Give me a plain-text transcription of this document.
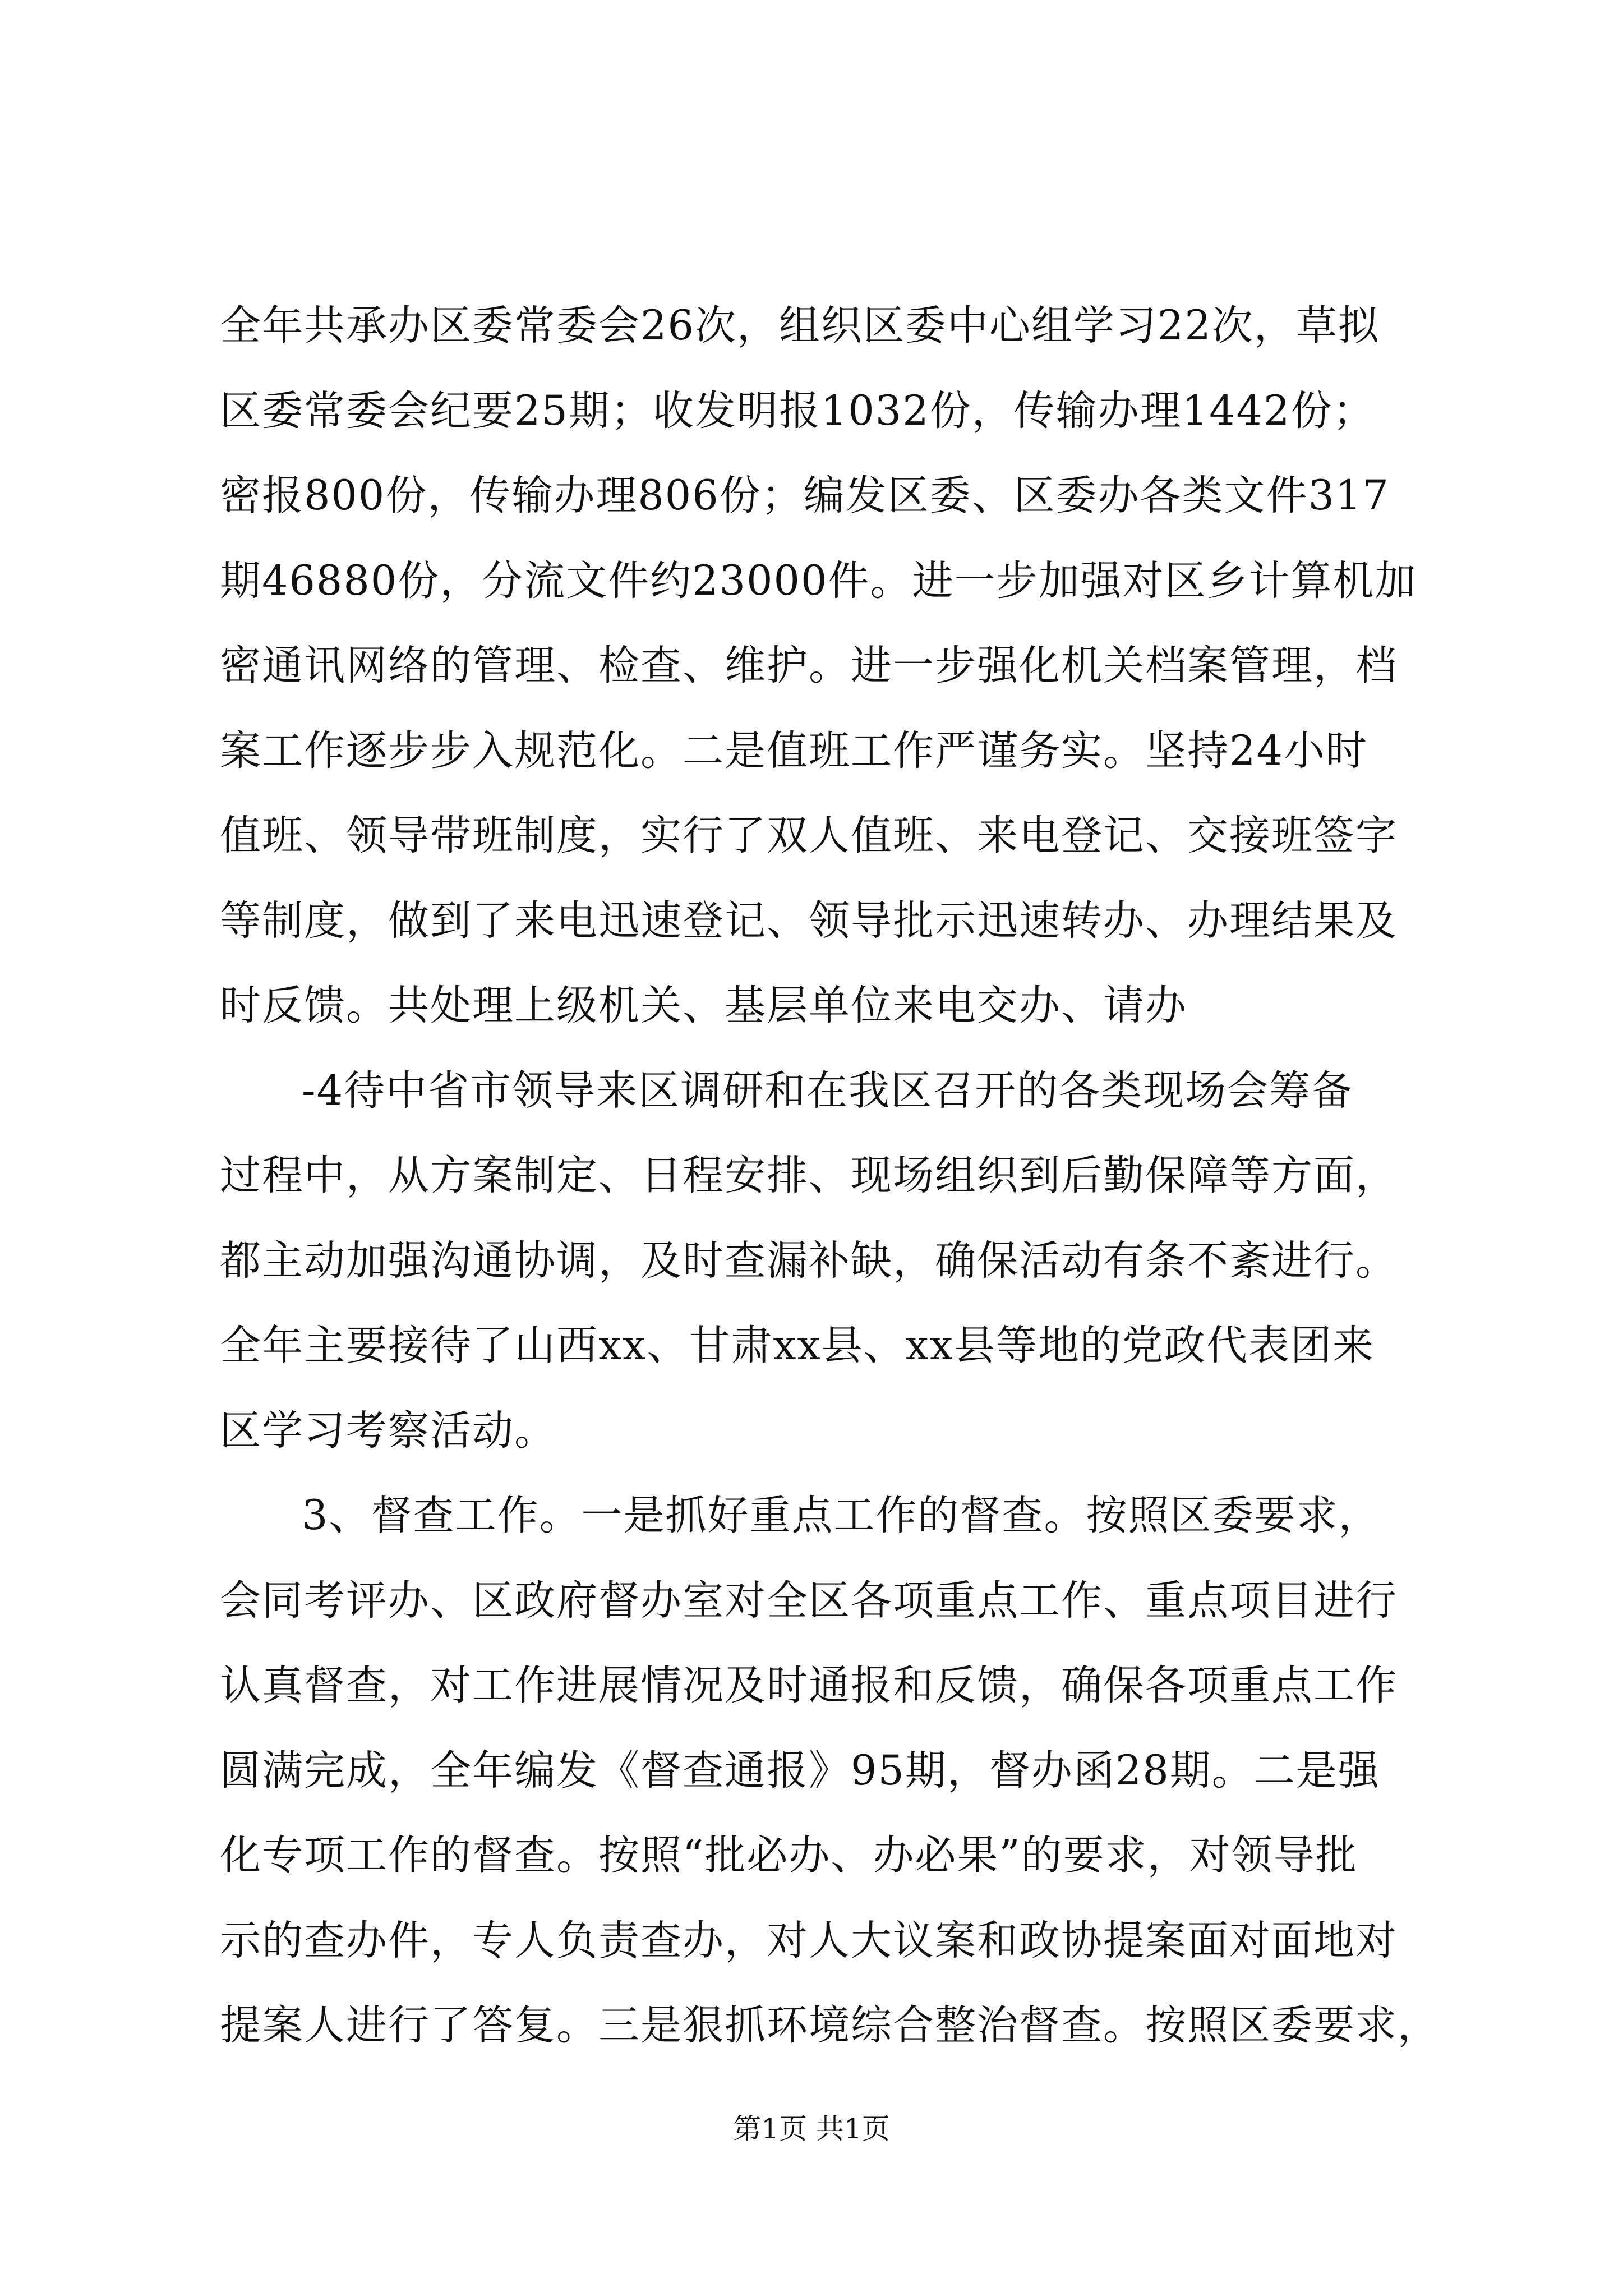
全年共承办区委常委会26次，组织区委中心组学习22次，草拟
区委常委会纪要25期；收发明报1032份，传输办理1442份；
密报800份，传输办理806份；编发区委、区委办各类文件317
期46880份，分流文件约23000件。进一步加强对区乡计算机加
密通讯网络的管理、检查、维护。进一步强化机关档案管理，档
案工作逐步步入规范化。二是值班工作严谨务实。坚持24小时
值班、领导带班制度，实行了双人值班、来电登记、交接班签字
等制度，做到了来电迅速登记、领导批示迅速转办、办理结果及
时反馈。共处理上级机关、基层单位来电交办、请办
-4待中省市领导来区调研和在我区召开的各类现场会筹备
过程中，从方案制定、日程安排、现场组织到后勤保障等方面，
都主动加强沟通协调，及时查漏补缺，确保活动有条不紊进行。
全年主要接待了山西xx、甘肃xx县、xx县等地的党政代表团来
区学习考察活动。
3、督查工作。一是抓好重点工作的督查。按照区委要求，
会同考评办、区政府督办室对全区各项重点工作、重点项目进行
认真督查，对工作进展情况及时通报和反馈，确保各项重点工作
圆满完成，全年编发《督查通报》95期，督办函28期。二是强
化专项工作的督查。按照“批必办、办必果”的要求，对领导批
示的查办件，专人负责查办，对人大议案和政协提案面对面地对
提案人进行了答复。三是狠抓环境综合整治督查。按照区委要求，
第1页 共1页
